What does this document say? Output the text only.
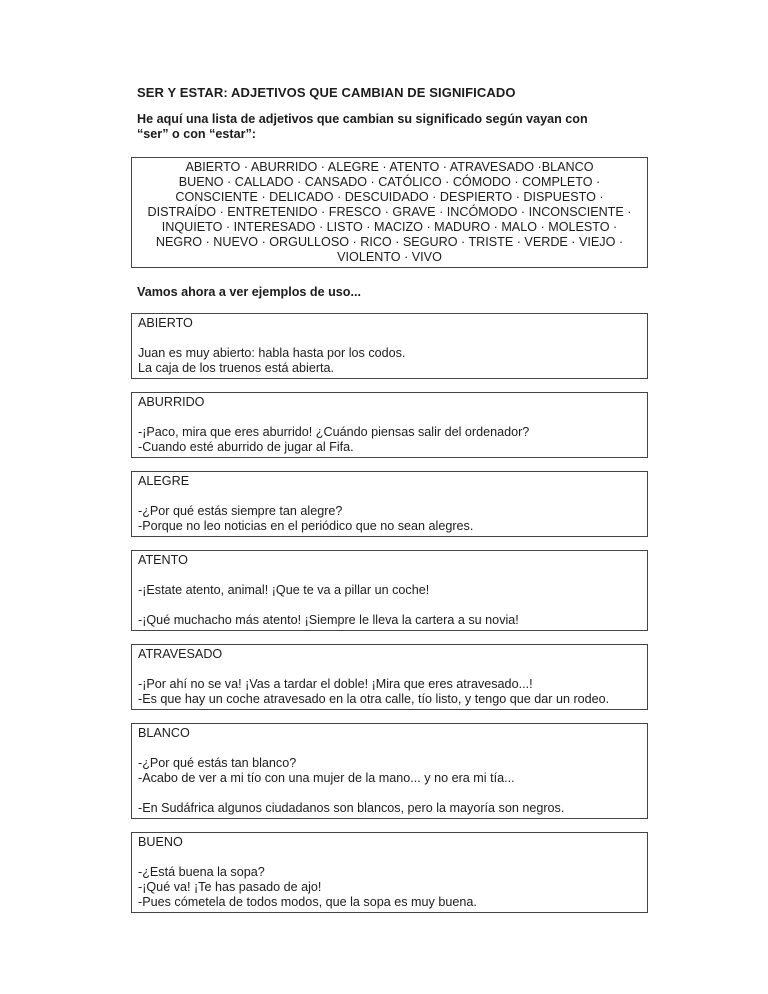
SER Y ESTAR: ADJETIVOS QUE CAMBIAN DE SIGNIFICADO
He aquí una lista de adjetivos que cambian su significado según vayan con
“ser” o con “estar”:
ABIERTO · ABURRIDO · ALEGRE · ATENTO · ATRAVESADO ·BLANCO
BUENO · CALLADO · CANSADO · CATÓLICO · CÓMODO · COMPLETO ·
CONSCIENTE · DELICADO · DESCUIDADO · DESPIERTO · DISPUESTO ·
DISTRAÍDO · ENTRETENIDO · FRESCO · GRAVE · INCÓMODO · INCONSCIENTE ·
INQUIETO · INTERESADO · LISTO · MACIZO · MADURO · MALO · MOLESTO ·
NEGRO · NUEVO · ORGULLOSO · RICO · SEGURO · TRISTE · VERDE · VIEJO ·
VIOLENTO · VIVO
Vamos ahora a ver ejemplos de uso...
ABIERTO

Juan es muy abierto: habla hasta por los codos.
La caja de los truenos está abierta.
ABURRIDO

-¡Paco, mira que eres aburrido! ¿Cuándo piensas salir del ordenador?
-Cuando esté aburrido de jugar al Fifa.
ALEGRE

-¿Por qué estás siempre tan alegre?
-Porque no leo noticias en el periódico que no sean alegres.
ATENTO

-¡Estate atento, animal! ¡Que te va a pillar un coche!

-¡Qué muchacho más atento! ¡Siempre le lleva la cartera a su novia!
ATRAVESADO

-¡Por ahí no se va! ¡Vas a tardar el doble! ¡Mira que eres atravesado...!
-Es que hay un coche atravesado en la otra calle, tío listo, y tengo que dar un rodeo.
BLANCO

-¿Por qué estás tan blanco?
-Acabo de ver a mi tío con una mujer de la mano... y no era mi tía...

-En Sudáfrica algunos ciudadanos son blancos, pero la mayoría son negros.
BUENO

-¿Está buena la sopa?
-¡Qué va! ¡Te has pasado de ajo!
-Pues cómetela de todos modos, que la sopa es muy buena.
